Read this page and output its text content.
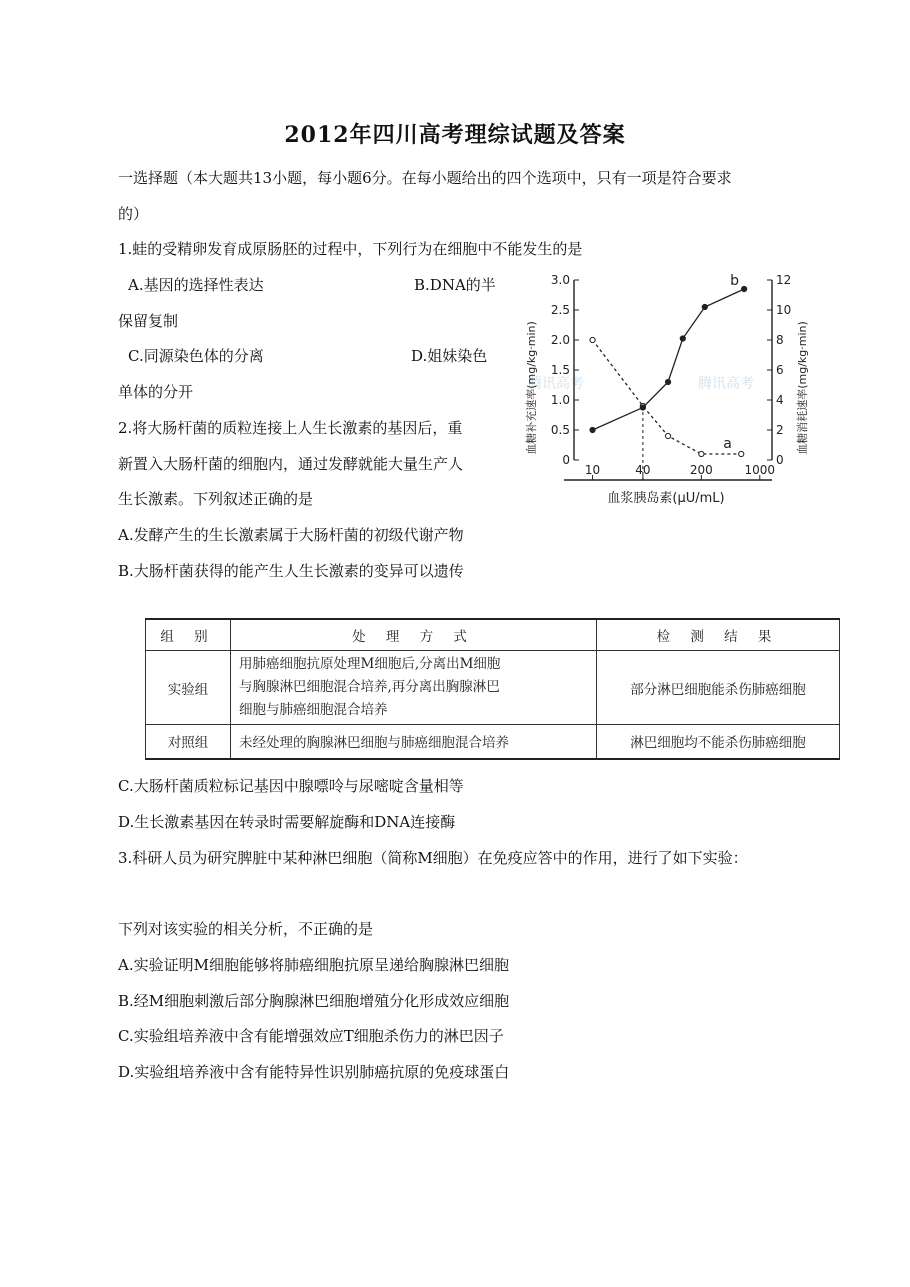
2012年四川高考理综试题及答案
一选择题（本大题共13小题，每小题6分。在每小题给出的四个选项中，只有一项是符合要求
的）
1.蛙的受精卵发育成原肠胚的过程中，下列行为在细胞中不能发生的是
A.基因的选择性表达	B.DNA的半
保留复制
C.同源染色体的分离	D.姐妹染色
单体的分开
2.将大肠杆菌的质粒连接上人生长激素的基因后，重
新置入大肠杆菌的细胞内，通过发酵就能大量生产人
生长激素。下列叙述正确的是
A.发酵产生的生长激素属于大肠杆菌的初级代谢产物
B.大肠杆菌获得的能产生人生长激素的变异可以遗传
腾讯高考	腾讯高考
0
0.5
1.0
1.5
2.0
2.5
3.0
0
2
4
6
8
10
12
10	40	200	1000
a
b
血糖补充速率(mg/kg·min)	血糖消耗速率(mg/kg·min)
血浆胰岛素(μU/mL)
组 别	处 理 方 式	检 测 结 果
实验组	用肺癌细胞抗原处理M细胞后,分离出M细胞
与胸腺淋巴细胞混合培养,再分离出胸腺淋巴
细胞与肺癌细胞混合培养	部分淋巴细胞能杀伤肺癌细胞
对照组	未经处理的胸腺淋巴细胞与肺癌细胞混合培养	淋巴细胞均不能杀伤肺癌细胞
C.大肠杆菌质粒标记基因中腺嘌呤与尿嘧啶含量相等
D.生长激素基因在转录时需要解旋酶和DNA连接酶
3.科研人员为研究脾脏中某种淋巴细胞（简称M细胞）在免疫应答中的作用，进行了如下实验：
下列对该实验的相关分析，不正确的是
A.实验证明M细胞能够将肺癌细胞抗原呈递给胸腺淋巴细胞
B.经M细胞刺激后部分胸腺淋巴细胞增殖分化形成效应细胞
C.实验组培养液中含有能增强效应T细胞杀伤力的淋巴因子
D.实验组培养液中含有能特异性识别肺癌抗原的免疫球蛋白
